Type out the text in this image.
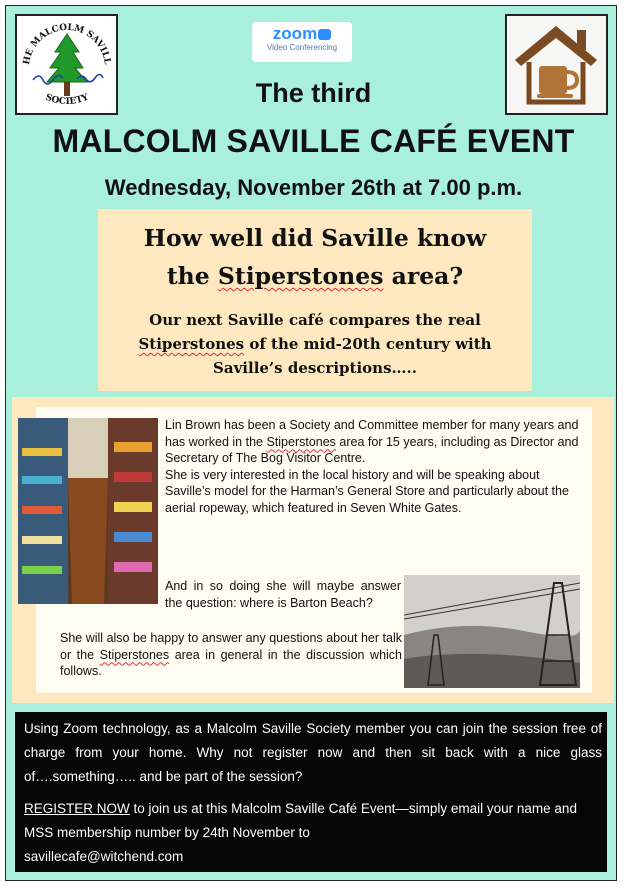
HE MALCOLM SAVILL
SOCIETY
zoom
Video Conferencing
The third
MALCOLM SAVILLE CAFÉ EVENT
Wednesday, November 26th at 7.00 p.m.
How well did Saville know
the Stiperstones area?
Our next Saville café compares the real
Stiperstones of the mid-20th century with
Saville’s descriptions…..
Lin Brown has been a Society and Committee member for many years and has worked in the Stiperstones area for 15 years, including as Director and Secretary of The Bog Visitor Centre.
She is very interested in the local history and will be speaking about Saville’s model for the Harman’s General Store and particularly about the aerial ropeway, which featured in Seven White Gates.
And in so doing she will maybe answer the question: where is Barton Beach?

She will also be happy to answer any questions about her talk or the Stiperstones area in general in the discussion which follows.

Using Zoom technology, as a Malcolm Saville Society member you can join the session free of charge from your home. Why not register now and then sit back with a nice glass of….something….. and be part of the session?
REGISTER NOW to join us at this Malcolm Saville Café Event—simply email your name and MSS membership number by 24th November to
savillecafe@witchend.com
